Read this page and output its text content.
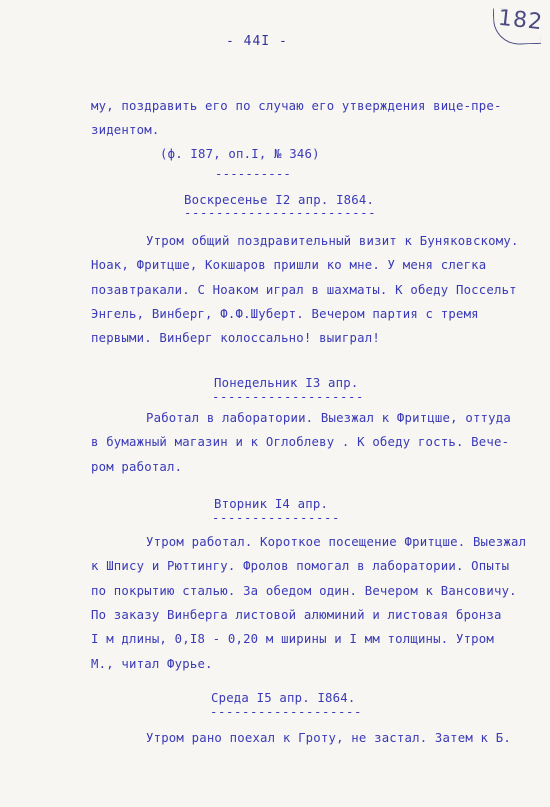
- 44I -
182
му, поздравить его по случаю его утверждения вице-пре-
зидентом.
(ф. I87, оп.I, № 346)
----------
Воскресенье I2 апр. I864.
------------------------
Утром общий поздравительный визит к Буняковскому.
Ноак, Фритцше, Кокшаров пришли ко мне. У меня слегка
позавтракали. С Ноаком играл в шахматы. К обеду Поссельт
Энгель, Винберг, Ф.Ф.Шуберт. Вечером партия с тремя
первыми. Винберг колоссально! выиграл!
Понедельник I3 апр.
-------------------
Работал в лаборатории. Выезжал к Фритцше, оттуда
в бумажный магазин и к Оглоблеву . К обеду гость. Вече-
ром работал.
Вторник I4 апр.
----------------
Утром работал. Короткое посещение Фритцше. Выезжал
к Шпису и Рюттингу. Фролов помогал в лаборатории. Опыты
по покрытию сталью. За обедом один. Вечером к Вансовичу.
По заказу Винберга листовой алюминий и листовая бронза
I м длины, 0,I8 - 0,20 м ширины и I мм толщины. Утром
М., читал Фурье.
Среда I5 апр. I864.
-------------------
Утром рано поехал к Гроту, не застал. Затем к Б.
